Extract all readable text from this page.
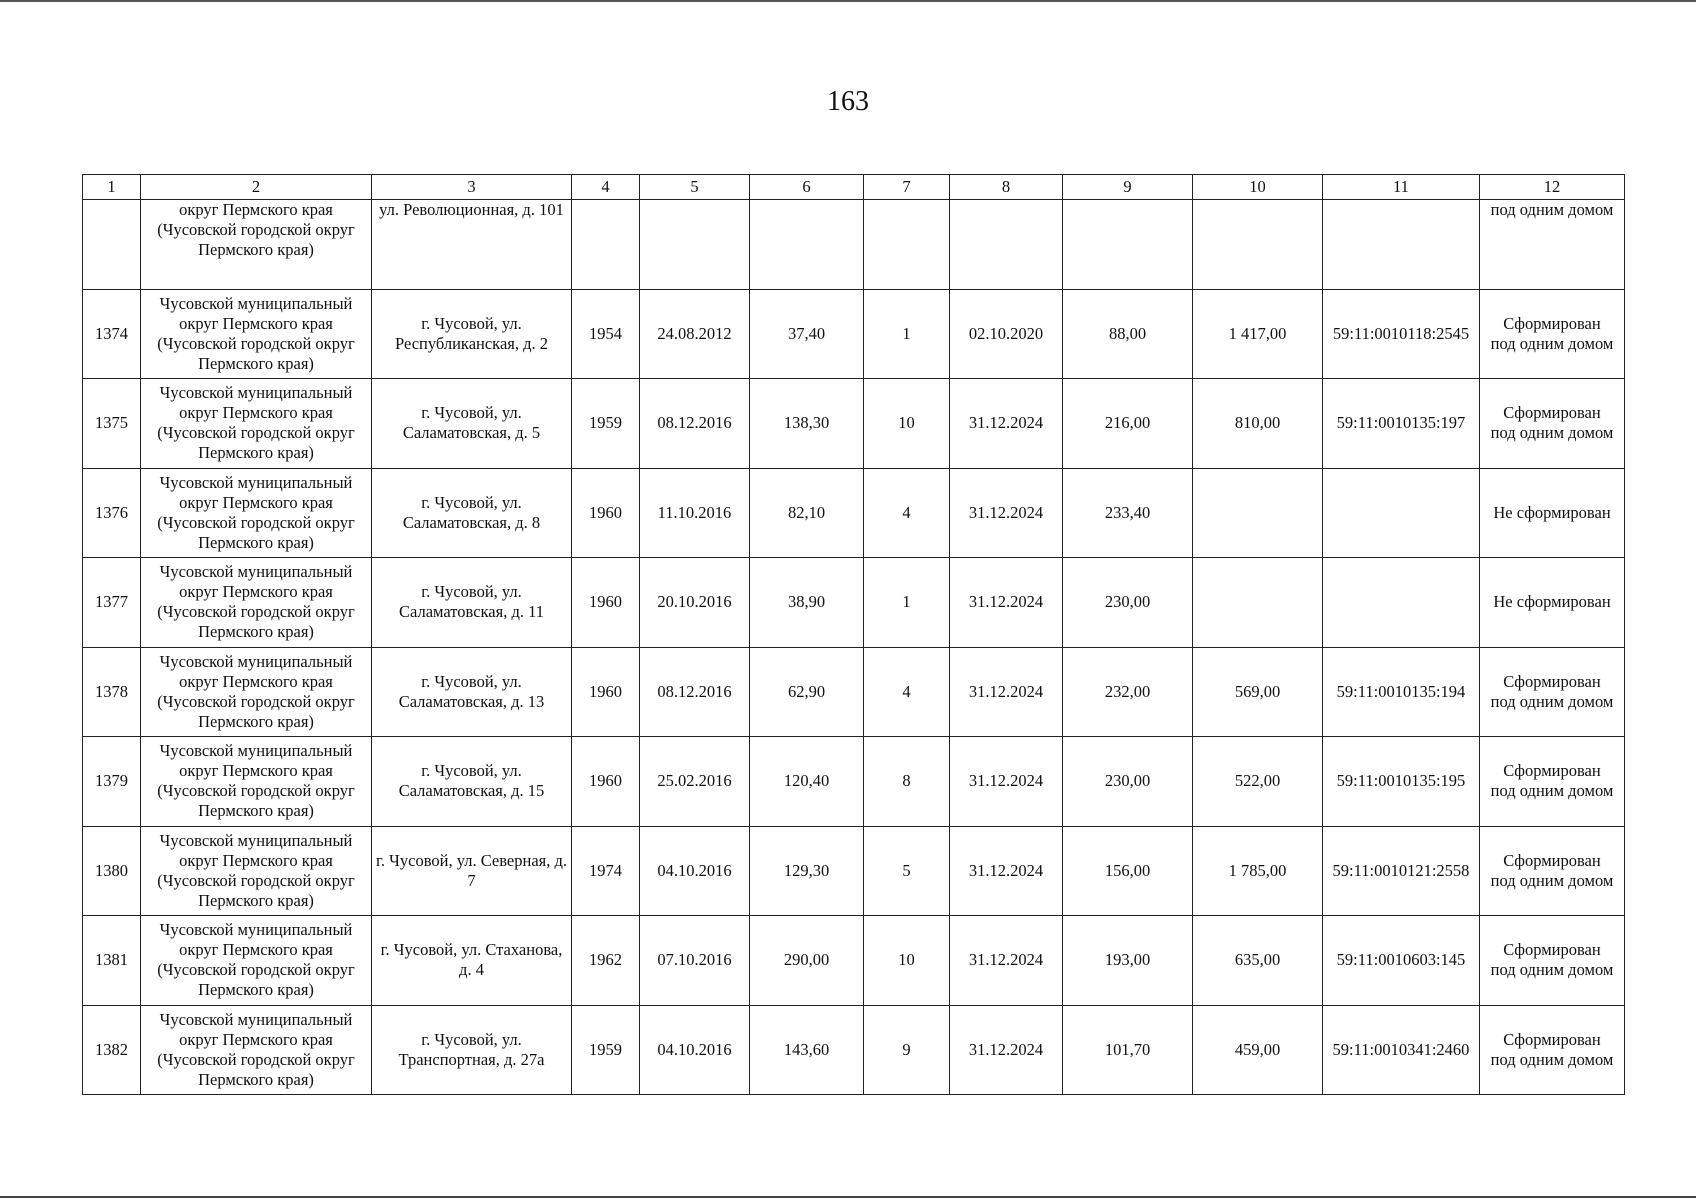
163
1	2	3	4	5	6	7	8	9	10	11	12
	округ Пермского края (Чусовской городской округ Пермского края)	ул. Революционная, д. 101									под одним домом
1374	Чусовской муниципальный округ Пермского края (Чусовской городской округ Пермского края)	г. Чусовой, ул. Республиканская, д. 2	1954	24.08.2012	37,40	1	02.10.2020	88,00	1 417,00	59:11:0010118:2545	Сформирован
под одним домом
1375	Чусовской муниципальный округ Пермского края (Чусовской городской округ Пермского края)	г. Чусовой, ул. Саламатовская, д. 5	1959	08.12.2016	138,30	10	31.12.2024	216,00	810,00	59:11:0010135:197	Сформирован
под одним домом
1376	Чусовской муниципальный округ Пермского края (Чусовской городской округ Пермского края)	г. Чусовой, ул. Саламатовская, д. 8	1960	11.10.2016	82,10	4	31.12.2024	233,40			Не сформирован
1377	Чусовской муниципальный округ Пермского края (Чусовской городской округ Пермского края)	г. Чусовой, ул. Саламатовская, д. 11	1960	20.10.2016	38,90	1	31.12.2024	230,00			Не сформирован
1378	Чусовской муниципальный округ Пермского края (Чусовской городской округ Пермского края)	г. Чусовой, ул. Саламатовская, д. 13	1960	08.12.2016	62,90	4	31.12.2024	232,00	569,00	59:11:0010135:194	Сформирован
под одним домом
1379	Чусовской муниципальный округ Пермского края (Чусовской городской округ Пермского края)	г. Чусовой, ул. Саламатовская, д. 15	1960	25.02.2016	120,40	8	31.12.2024	230,00	522,00	59:11:0010135:195	Сформирован
под одним домом
1380	Чусовской муниципальный округ Пермского края (Чусовской городской округ Пермского края)	г. Чусовой, ул. Северная, д. 7	1974	04.10.2016	129,30	5	31.12.2024	156,00	1 785,00	59:11:0010121:2558	Сформирован
под одним домом
1381	Чусовской муниципальный округ Пермского края (Чусовской городской округ Пермского края)	г. Чусовой, ул. Стаханова, д. 4	1962	07.10.2016	290,00	10	31.12.2024	193,00	635,00	59:11:0010603:145	Сформирован
под одним домом
1382	Чусовской муниципальный округ Пермского края (Чусовской городской округ Пермского края)	г. Чусовой, ул. Транспортная, д. 27а	1959	04.10.2016	143,60	9	31.12.2024	101,70	459,00	59:11:0010341:2460	Сформирован
под одним домом
